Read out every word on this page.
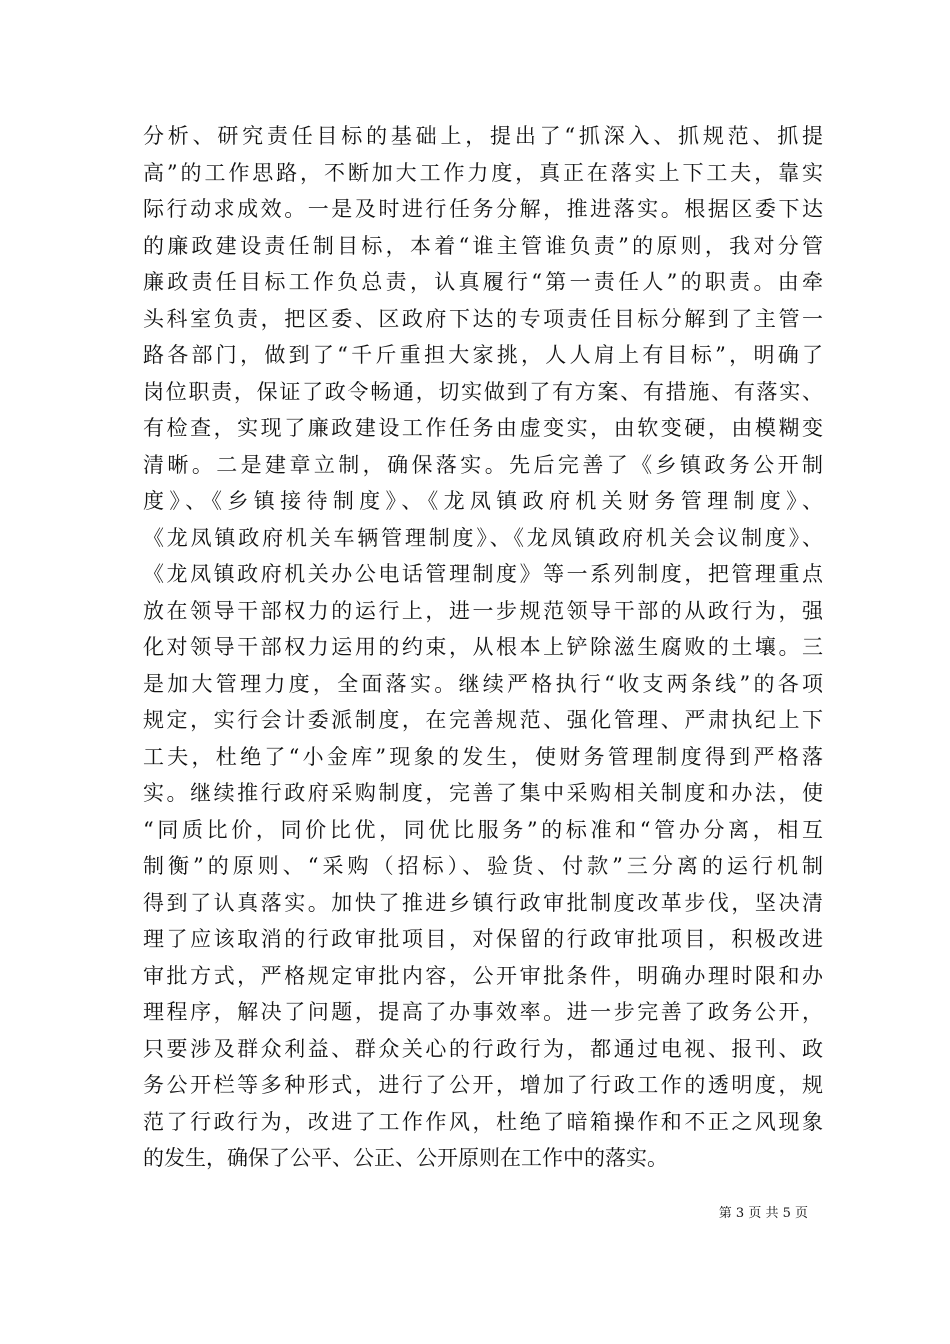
分析、研究责任目标的基础上，提出了“抓深入、抓规范、抓提
高”的工作思路，不断加大工作力度，真正在落实上下工夫，靠实
际行动求成效。一是及时进行任务分解，推进落实。根据区委下达
的廉政建设责任制目标，本着“谁主管谁负责”的原则，我对分管
廉政责任目标工作负总责，认真履行“第一责任人”的职责。由牵
头科室负责，把区委、区政府下达的专项责任目标分解到了主管一
路各部门，做到了“千斤重担大家挑，人人肩上有目标”，明确了
岗位职责，保证了政令畅通，切实做到了有方案、有措施、有落实、
有检查，实现了廉政建设工作任务由虚变实，由软变硬，由模糊变
清晰。二是建章立制，确保落实。先后完善了《乡镇政务公开制
度》、《乡镇接待制度》、《龙凤镇政府机关财务管理制度》、
《龙凤镇政府机关车辆管理制度》、《龙凤镇政府机关会议制度》、
《龙凤镇政府机关办公电话管理制度》等一系列制度，把管理重点
放在领导干部权力的运行上，进一步规范领导干部的从政行为，强
化对领导干部权力运用的约束，从根本上铲除滋生腐败的土壤。三
是加大管理力度，全面落实。继续严格执行“收支两条线”的各项
规定，实行会计委派制度，在完善规范、强化管理、严肃执纪上下
工夫，杜绝了“小金库”现象的发生，使财务管理制度得到严格落
实。继续推行政府采购制度，完善了集中采购相关制度和办法，使
“同质比价，同价比优，同优比服务”的标准和“管办分离，相互
制衡”的原则、“采购（招标）、验货、付款”三分离的运行机制
得到了认真落实。加快了推进乡镇行政审批制度改革步伐，坚决清
理了应该取消的行政审批项目，对保留的行政审批项目，积极改进
审批方式，严格规定审批内容，公开审批条件，明确办理时限和办
理程序，解决了问题，提高了办事效率。进一步完善了政务公开，
只要涉及群众利益、群众关心的行政行为，都通过电视、报刊、政
务公开栏等多种形式，进行了公开，增加了行政工作的透明度，规
范了行政行为，改进了工作作风，杜绝了暗箱操作和不正之风现象
的发生，确保了公平、公正、公开原则在工作中的落实。
第 3 页 共 5 页
